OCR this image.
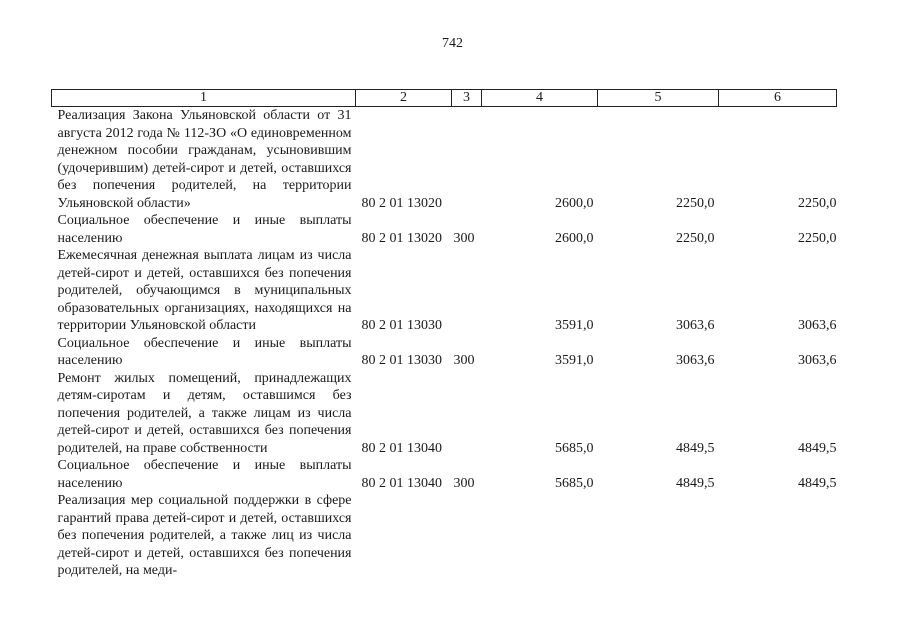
742
1	2	3	4	5	6
Реализация Закона Ульяновской области от 31 августа 2012 года № 112-ЗО «О единовременном денежном пособии гражданам, усыновившим (удочерившим) детей-сирот и детей, оставшихся без попечения родителей, на территории Ульяновской области»	80 2 01 13020		2600,0	2250,0	2250,0
Социальное обеспечение и иные выплаты населению	80 2 01 13020	300	2600,0	2250,0	2250,0
Ежемесячная денежная выплата лицам из числа детей-сирот и детей, оставшихся без попечения родителей, обучающимся в муниципальных образовательных организациях, находящихся на территории Ульяновской области	80 2 01 13030		3591,0	3063,6	3063,6
Социальное обеспечение и иные выплаты населению	80 2 01 13030	300	3591,0	3063,6	3063,6
Ремонт жилых помещений, принадлежащих детям-сиротам и детям, оставшимся без попечения родителей, а также лицам из числа детей-сирот и детей, оставшихся без попечения родителей, на праве собственности	80 2 01 13040		5685,0	4849,5	4849,5
Социальное обеспечение и иные выплаты населению	80 2 01 13040	300	5685,0	4849,5	4849,5
Реализация мер социальной поддержки в сфере гарантий права детей-сирот и детей, оставшихся без попечения родителей, а также лиц из числа детей-сирот и детей, оставшихся без попечения родителей, на меди-					
